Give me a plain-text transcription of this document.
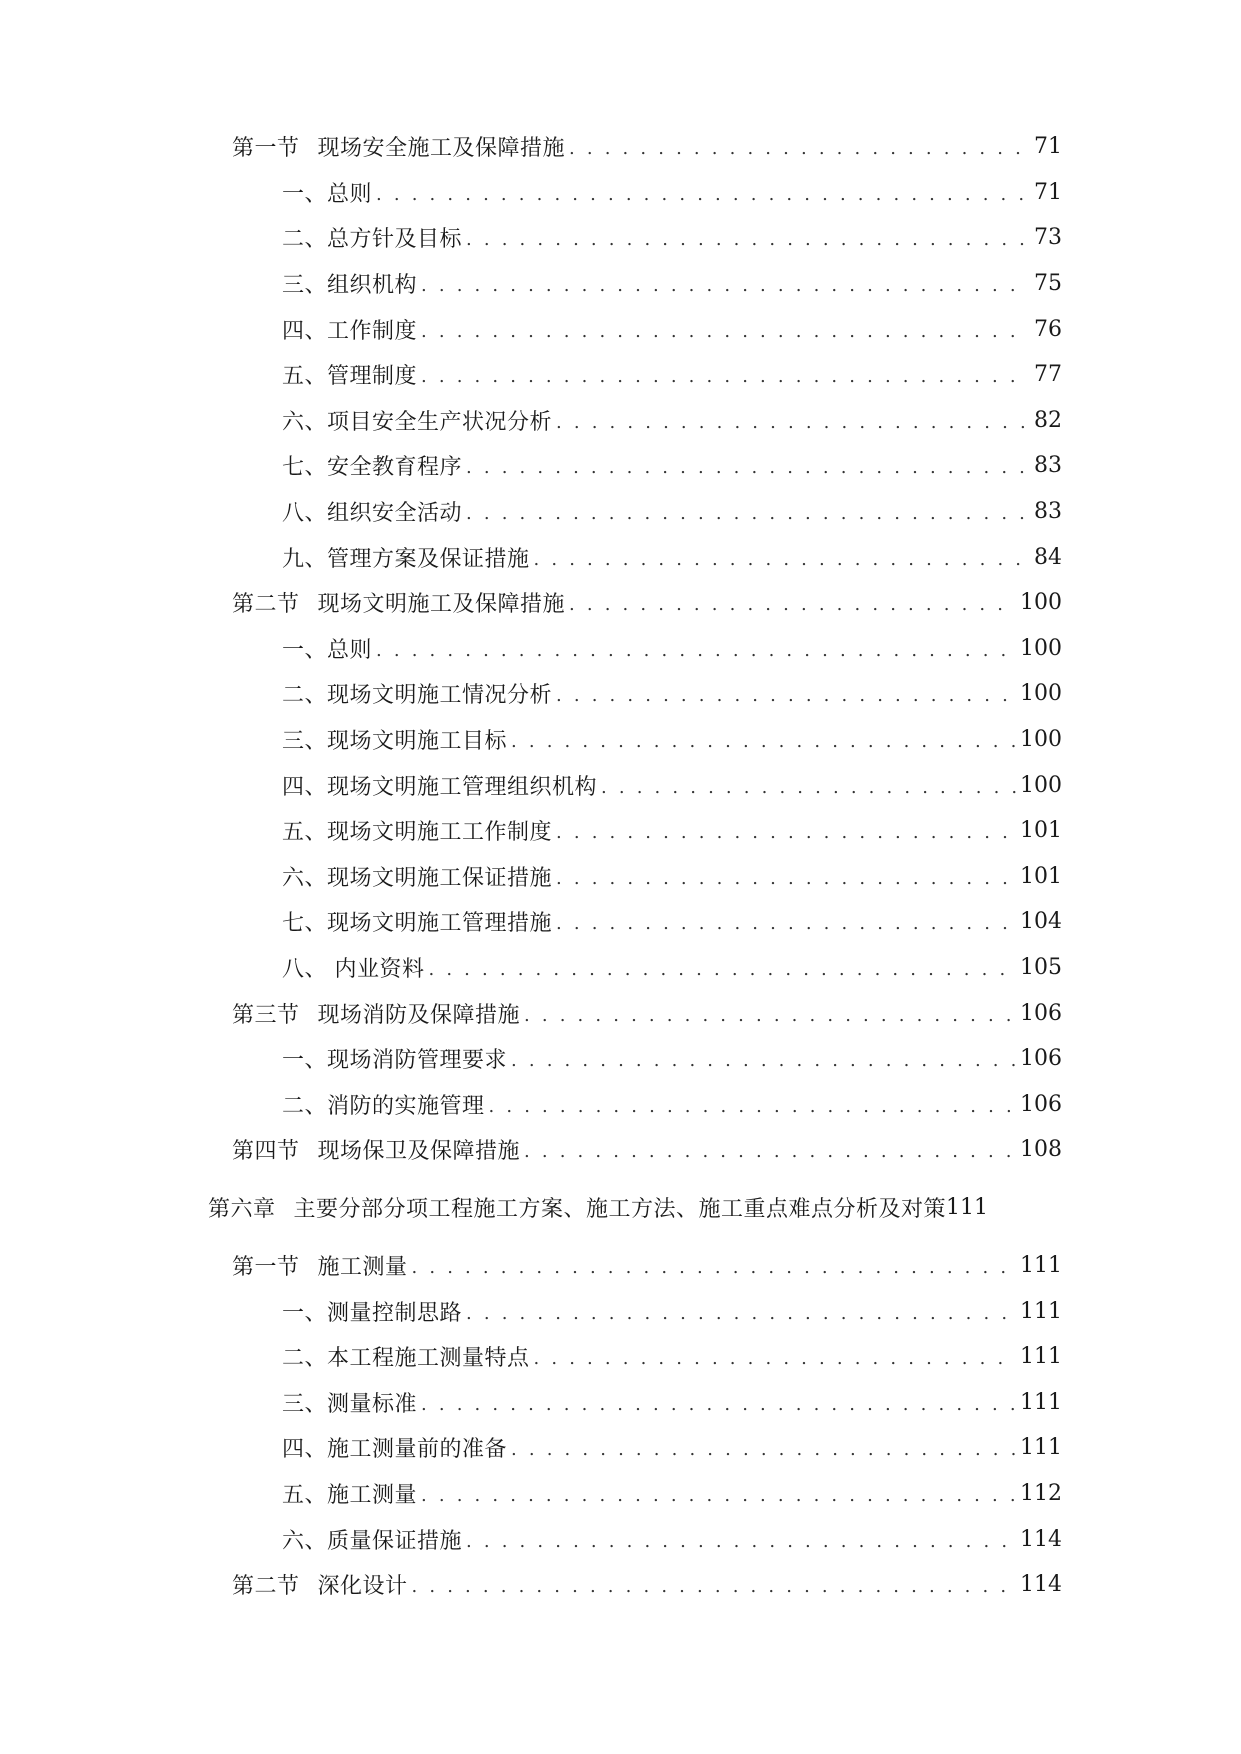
第一节 现场安全施工及保障措施 . . .	71
一、总则 . . .	71
二、总方针及目标 . . .	73
三、组织机构 . . .	75
四、工作制度 . . .	76
五、管理制度 . . .	77
六、项目安全生产状况分析 . . .	82
七、安全教育程序 . . .	83
八、组织安全活动 . . .	83
九、管理方案及保证措施 . . .	84
第二节 现场文明施工及保障措施 . . .	100
一、总则 . . .	100
二、现场文明施工情况分析 . . .	100
三、现场文明施工目标 . . .	100
四、现场文明施工管理组织机构 . . .	100
五、现场文明施工工作制度 . . .	101
六、现场文明施工保证措施 . . .	101
七、现场文明施工管理措施 . . .	104
八、 内业资料 . . .	105
第三节 现场消防及保障措施 . . .	106
一、现场消防管理要求 . . .	106
二、消防的实施管理 . . .	106
第四节 现场保卫及保障措施 . . .	108
第六章 主要分部分项工程施工方案、施工方法、施工重点难点分析及对策 111
第一节 施工测量 . . .	111
一、测量控制思路 . . .	111
二、本工程施工测量特点 . . .	111
三、测量标准 . . .	111
四、施工测量前的准备 . . .	111
五、施工测量 . . .	112
六、质量保证措施 . . .	114
第二节 深化设计 . . .	114
